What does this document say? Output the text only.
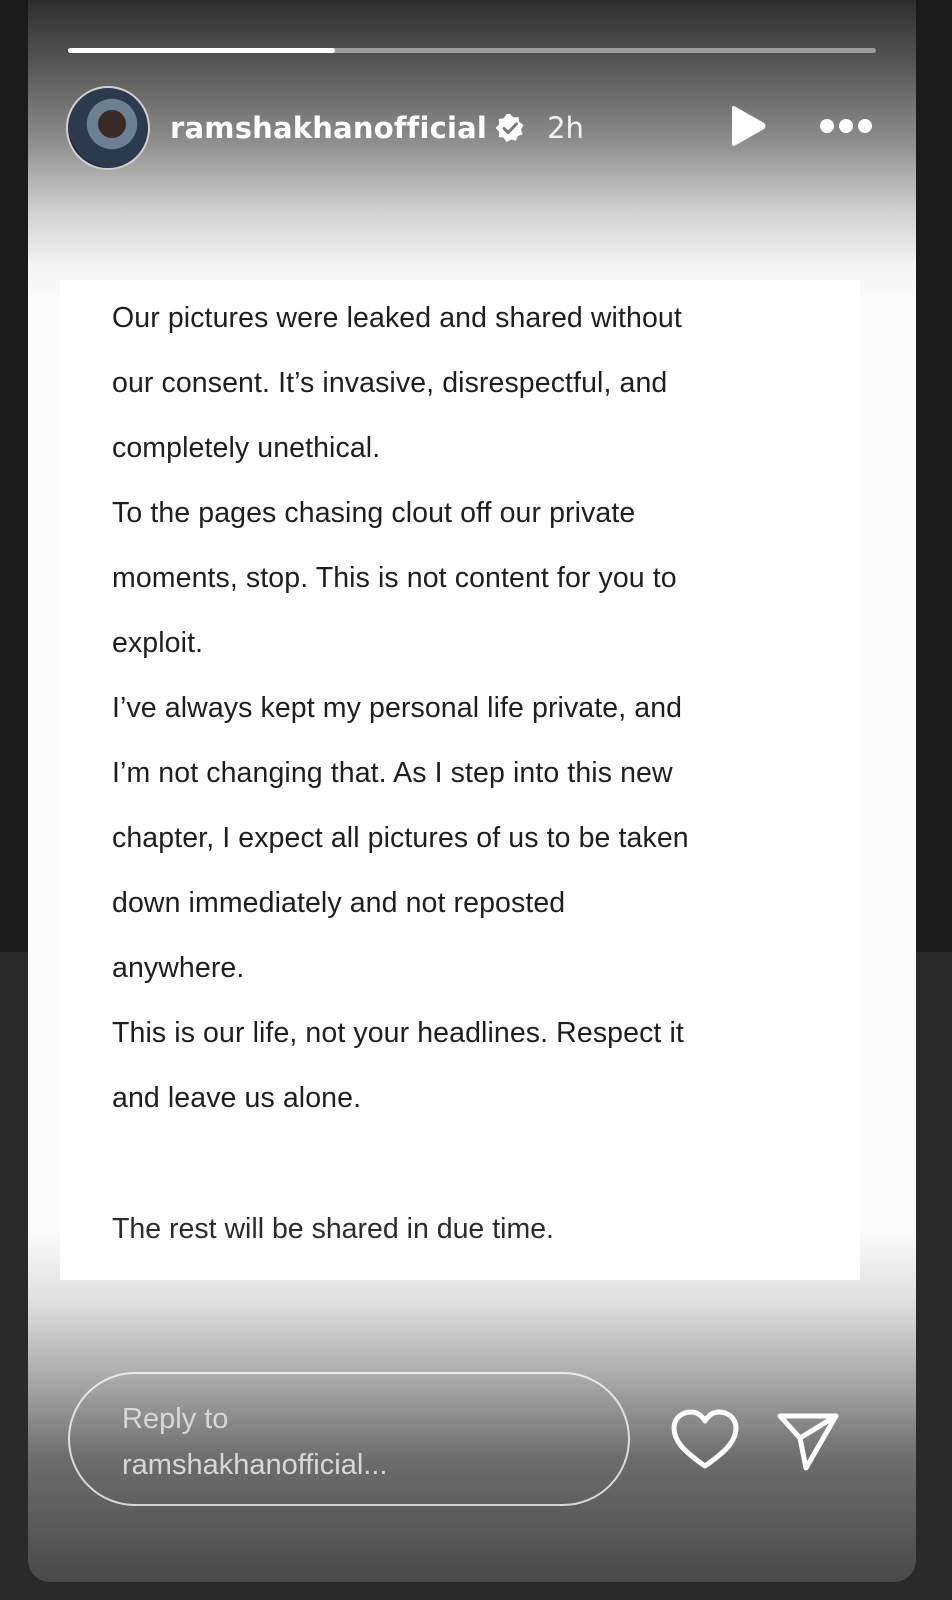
ramshakhanofficial 2h
Reply to
ramshakhanofficial...

Our pictures were leaked and shared without

our consent. It’s invasive, disrespectful, and

completely unethical.

To the pages chasing clout off our private

moments, stop. This is not content for you to

exploit.

I’ve always kept my personal life private, and

I’m not changing that. As I step into this new

chapter, I expect all pictures of us to be taken

down immediately and not reposted

anywhere.

This is our life, not your headlines. Respect it

and leave us alone.

The rest will be shared in due time.
